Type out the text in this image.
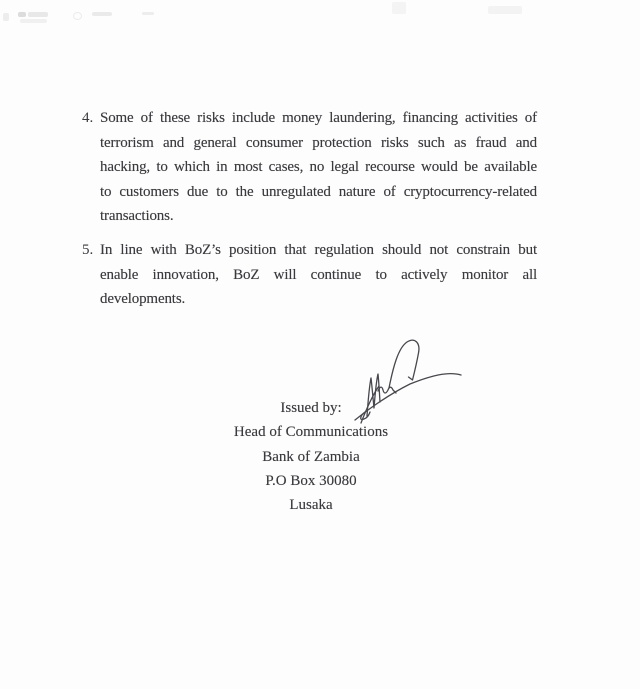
4. Some of these risks include money laundering, financing activities of
terrorism and general consumer protection risks such as fraud and
hacking, to which in most cases, no legal recourse would be available
to customers due to the unregulated nature of cryptocurrency-related
transactions.
5. In line with BoZ’s position that regulation should not constrain but
enable innovation, BoZ will continue to actively monitor all
developments.
Issued by:
Head of Communications
Bank of Zambia
P.O Box 30080
Lusaka
